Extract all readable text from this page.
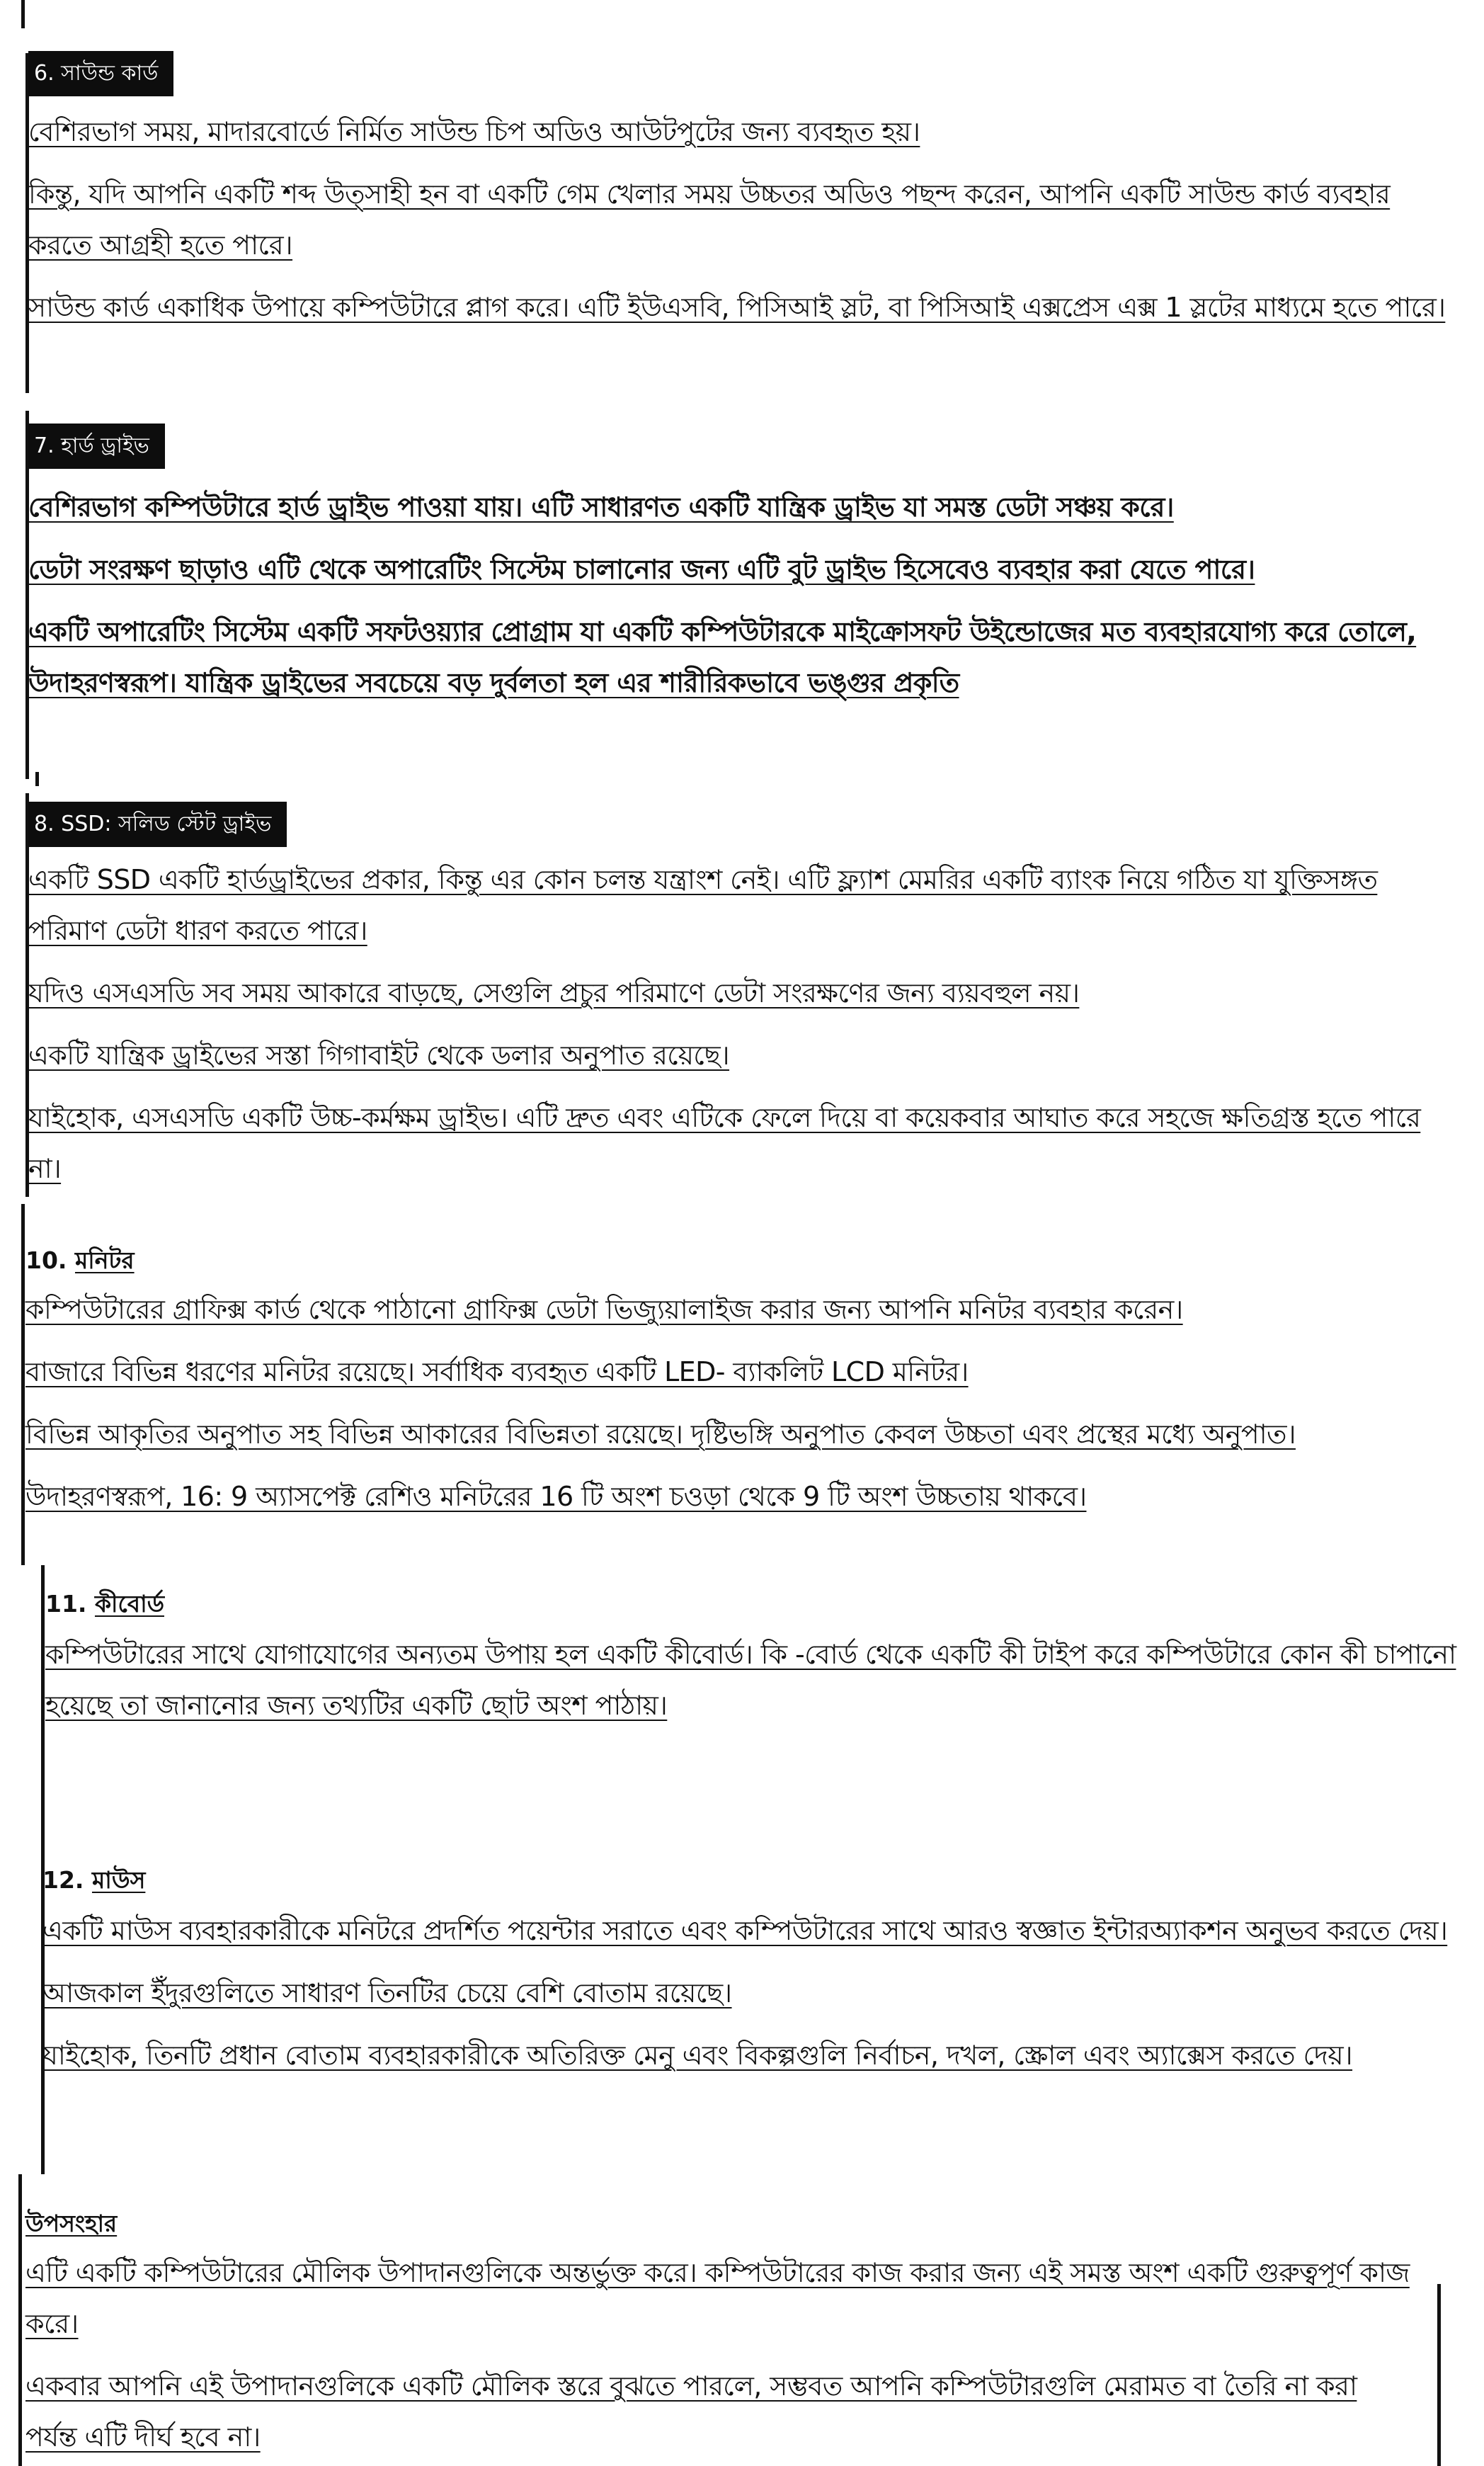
6. সাউন্ড কার্ড

বেশিরভাগ সময়, মাদারবোর্ডে নির্মিত সাউন্ড চিপ অডিও আউটপুটের জন্য ব্যবহৃত হয়।

কিন্তু, যদি আপনি একটি শব্দ উত্সাহী হন বা একটি গেম খেলার সময় উচ্চতর অডিও পছন্দ করেন, আপনি একটি সাউন্ড কার্ড ব্যবহার করতে আগ্রহী হতে পারে।

সাউন্ড কার্ড একাধিক উপায়ে কম্পিউটারে প্লাগ করে। এটি ইউএসবি, পিসিআই স্লট, বা পিসিআই এক্সপ্রেস এক্স 1 স্লটের মাধ্যমে হতে পারে।

7. হার্ড ড্রাইভ

বেশিরভাগ কম্পিউটারে হার্ড ড্রাইভ পাওয়া যায়। এটি সাধারণত একটি যান্ত্রিক ড্রাইভ যা সমস্ত ডেটা সঞ্চয় করে।

ডেটা সংরক্ষণ ছাড়াও এটি থেকে অপারেটিং সিস্টেম চালানোর জন্য এটি বুট ড্রাইভ হিসেবেও ব্যবহার করা যেতে পারে।

একটি অপারেটিং সিস্টেম একটি সফটওয়্যার প্রোগ্রাম যা একটি কম্পিউটারকে মাইক্রোসফট উইন্ডোজের মত ব্যবহারযোগ্য করে তোলে, উদাহরণস্বরূপ। যান্ত্রিক ড্রাইভের সবচেয়ে বড় দুর্বলতা হল এর শারীরিকভাবে ভঙ্গুর প্রকৃতি

8. SSD: সলিড স্টেট ড্রাইভ

একটি SSD একটি হার্ডড্রাইভের প্রকার, কিন্তু এর কোন চলন্ত যন্ত্রাংশ নেই। এটি ফ্ল্যাশ মেমরির একটি ব্যাংক নিয়ে গঠিত যা যুক্তিসঙ্গত পরিমাণ ডেটা ধারণ করতে পারে।

যদিও এসএসডি সব সময় আকারে বাড়ছে, সেগুলি প্রচুর পরিমাণে ডেটা সংরক্ষণের জন্য ব্যয়বহুল নয়।

একটি যান্ত্রিক ড্রাইভের সস্তা গিগাবাইট থেকে ডলার অনুপাত রয়েছে।

যাইহোক, এসএসডি একটি উচ্চ-কর্মক্ষম ড্রাইভ। এটি দ্রুত এবং এটিকে ফেলে দিয়ে বা কয়েকবার আঘাত করে সহজে ক্ষতিগ্রস্ত হতে পারে না।

10. মনিটর

কম্পিউটারের গ্রাফিক্স কার্ড থেকে পাঠানো গ্রাফিক্স ডেটা ভিজ্যুয়ালাইজ করার জন্য আপনি মনিটর ব্যবহার করেন।

বাজারে বিভিন্ন ধরণের মনিটর রয়েছে। সর্বাধিক ব্যবহৃত একটি LED- ব্যাকলিট LCD মনিটর।

বিভিন্ন আকৃতির অনুপাত সহ বিভিন্ন আকারের বিভিন্নতা রয়েছে। দৃষ্টিভঙ্গি অনুপাত কেবল উচ্চতা এবং প্রস্থের মধ্যে অনুপাত।

উদাহরণস্বরূপ, 16: 9 অ্যাসপেক্ট রেশিও মনিটরের 16 টি অংশ চওড়া থেকে 9 টি অংশ উচ্চতায় থাকবে।

11. কীবোর্ড

কম্পিউটারের সাথে যোগাযোগের অন্যতম উপায় হল একটি কীবোর্ড। কি -বোর্ড থেকে একটি কী টাইপ করে কম্পিউটারে কোন কী চাপানো হয়েছে তা জানানোর জন্য তথ্যটির একটি ছোট অংশ পাঠায়।

12. মাউস

একটি মাউস ব্যবহারকারীকে মনিটরে প্রদর্শিত পয়েন্টার সরাতে এবং কম্পিউটারের সাথে আরও স্বজ্ঞাত ইন্টারঅ্যাকশন অনুভব করতে দেয়।

আজকাল ইঁদুরগুলিতে সাধারণ তিনটির চেয়ে বেশি বোতাম রয়েছে।

যাইহোক, তিনটি প্রধান বোতাম ব্যবহারকারীকে অতিরিক্ত মেনু এবং বিকল্পগুলি নির্বাচন, দখল, স্ক্রোল এবং অ্যাক্সেস করতে দেয়।

উপসংহার

এটি একটি কম্পিউটারের মৌলিক উপাদানগুলিকে অন্তর্ভুক্ত করে। কম্পিউটারের কাজ করার জন্য এই সমস্ত অংশ একটি গুরুত্বপূর্ণ কাজ করে।

একবার আপনি এই উপাদানগুলিকে একটি মৌলিক স্তরে বুঝতে পারলে, সম্ভবত আপনি কম্পিউটারগুলি মেরামত বা তৈরি না করা পর্যন্ত এটি দীর্ঘ হবে না।
